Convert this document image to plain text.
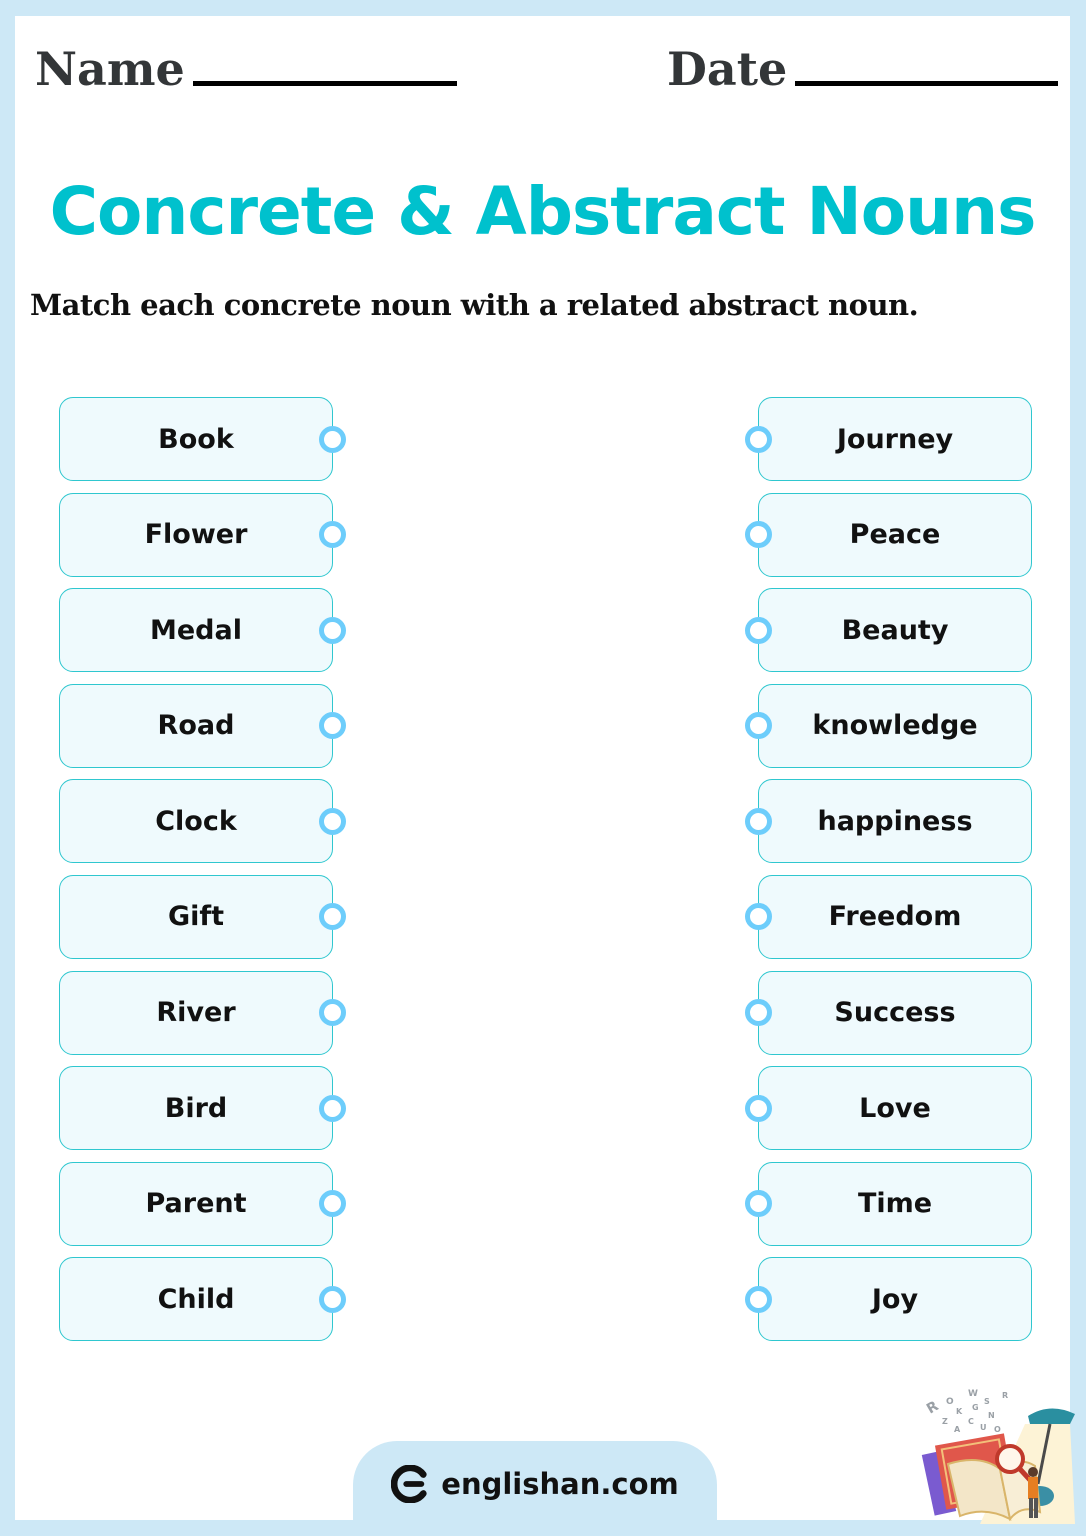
Name	Date
Concrete & Abstract Nouns
Match each concrete noun with a related abstract noun.
Book
Flower
Medal
Road
Clock
Gift
River
Bird
Parent
Child
Journey
Peace
Beauty
knowledge
happiness
Freedom
Success
Love
Time
Joy
R O
W
S
R
Z
K G
N
A
C
U O
englishan.com
